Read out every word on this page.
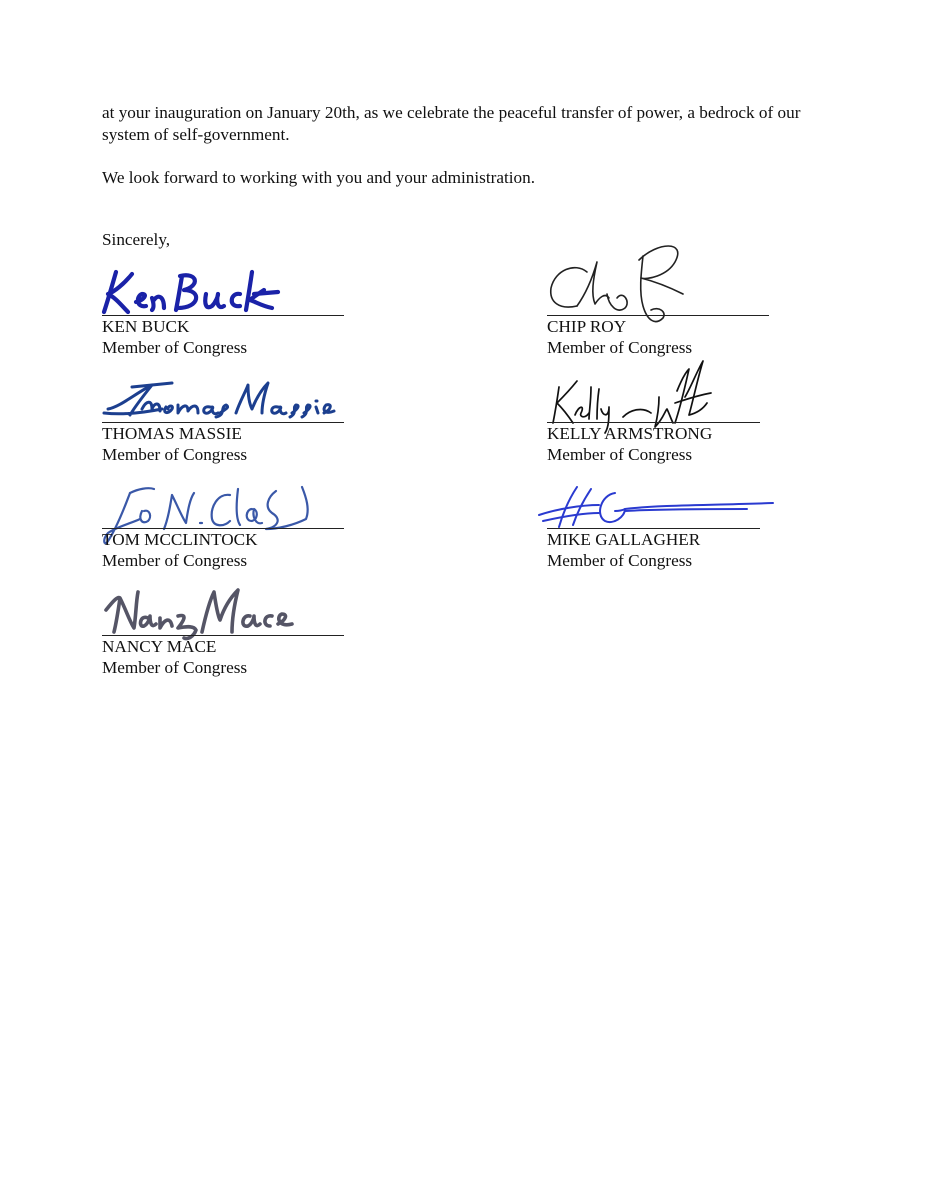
at your inauguration on January 20th, as we celebrate the peaceful transfer of power, a bedrock of our system of self-government.

We look forward to working with you and your administration.

Sincerely,
KEN BUCK
Member of Congress
CHIP ROY
Member of Congress
THOMAS MASSIE
Member of Congress
KELLY ARMSTRONG
Member of Congress
TOM MCCLINTOCK
Member of Congress
MIKE GALLAGHER
Member of Congress
NANCY MACE
Member of Congress
